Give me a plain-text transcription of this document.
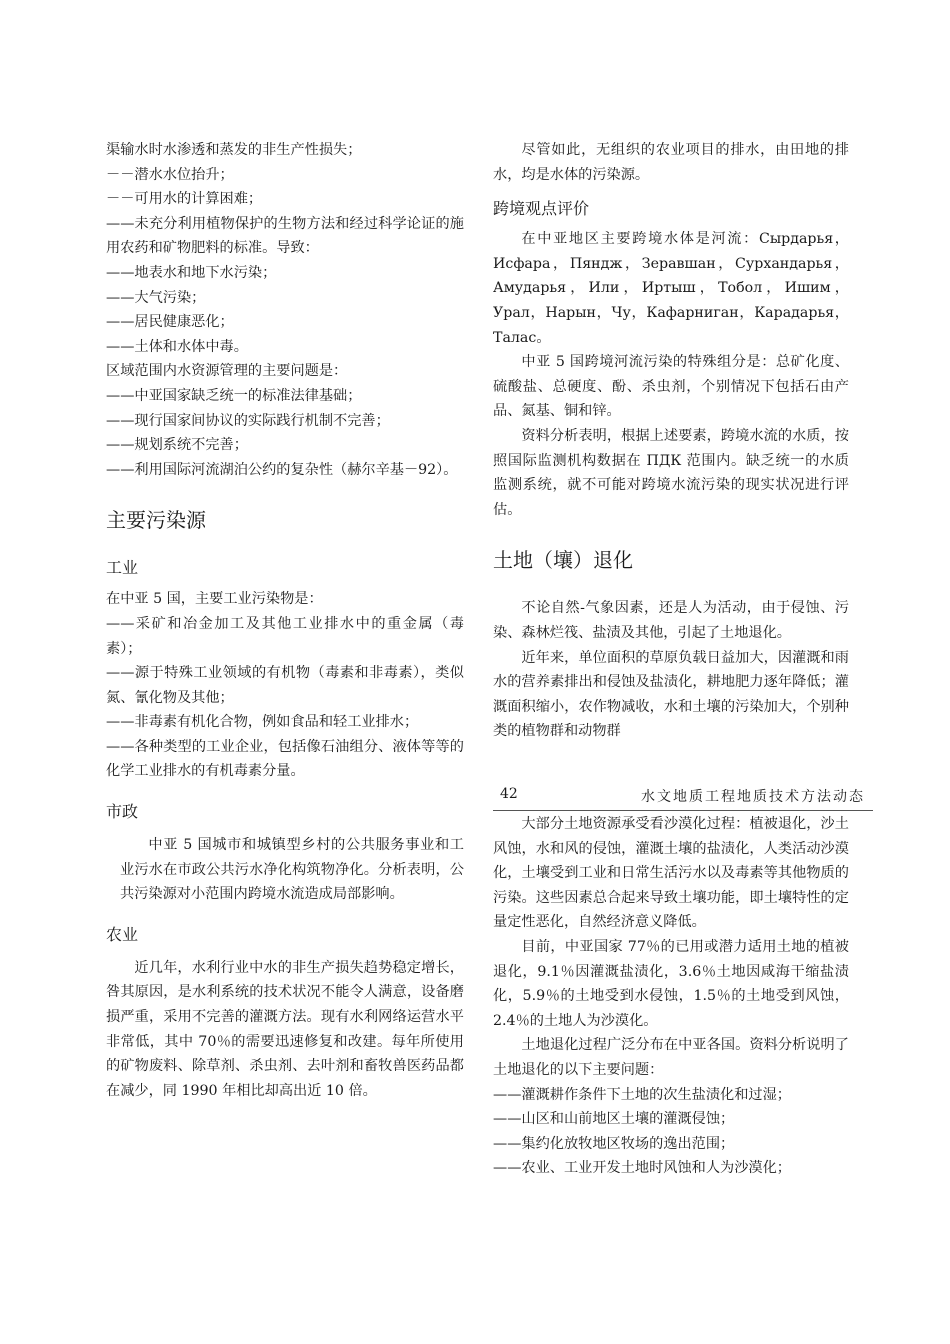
渠输水时水渗透和蒸发的非生产性损失；

－－潜水水位抬升；

－－可用水的计算困难；

——未充分利用植物保护的生物方法和经过科学论证的施用农药和矿物肥料的标准。导致：

——地表水和地下水污染；

——大气污染；

——居民健康恶化；

——土体和水体中毒。

区域范围内水资源管理的主要问题是：

——中亚国家缺乏统一的标准法律基础；

——现行国家间协议的实际践行机制不完善；

——规划系统不完善；

——利用国际河流湖泊公约的复杂性（赫尔辛基－92）。

主要污染源
工业

在中亚 5 国，主要工业污染物是：

——采矿和冶金加工及其他工业排水中的重金属（毒素）；

——源于特殊工业领域的有机物（毒素和非毒素），类似氮、氰化物及其他；

——非毒素有机化合物，例如食品和轻工业排水；

——各种类型的工业企业，包括像石油组分、液体等等的化学工业排水的有机毒素分量。

市政

中亚 5 国城市和城镇型乡村的公共服务事业和工业污水在市政公共污水净化构筑物净化。分析表明，公共污染源对小范围内跨境水流造成局部影响。

农业

近几年，水利行业中水的非生产损失趋势稳定增长，咎其原因，是水利系统的技术状况不能令人满意，设备磨损严重，采用不完善的灌溉方法。现有水利网络运营水平非常低，其中 70％的需要迅速修复和改建。每年所使用的矿物废料、除草剂、杀虫剂、去叶剂和畜牧兽医药品都在减少，同 1990 年相比却高出近 10 倍。

尽管如此，无组织的农业项目的排水，由田地的排水，均是水体的污染源。

跨境观点评价

在中亚地区主要跨境水体是河流：Сырдарья，Исфара，Пяндж，Зеравшан，Сурхандарья，Амударья，Или，Иртыш，Тобол，Ишим，Урал，Нарын，Чу，Кафарниган，Карадарья，Талас。

中亚 5 国跨境河流污染的特殊组分是：总矿化度、硫酸盐、总硬度、酚、杀虫剂，个别情况下包括石由产品、氮基、铜和锌。

资料分析表明，根据上述要素，跨境水流的水质，按照国际监测机构数据在 ПДК 范围内。缺乏统一的水质监测系统，就不可能对跨境水流污染的现实状况进行评估。

土地（壤）退化

不论自然-气象因素，还是人为活动，由于侵蚀、污染、森林烂筏、盐渍及其他，引起了土地退化。

近年来，单位面积的草原负载日益加大，因灌溉和雨水的营养素排出和侵蚀及盐渍化，耕地肥力逐年降低；灌溉面积缩小，农作物减收，水和土壤的污染加大，个别种类的植物群和动物群

42	水文地质工程地质技术方法动态

大部分土地资源承受看沙漠化过程：植被退化，沙土风蚀，水和风的侵蚀，灌溉土壤的盐渍化，人类活动沙漠化，土壤受到工业和日常生活污水以及毒素等其他物质的污染。这些因素总合起来导致土壤功能，即土壤特性的定量定性恶化，自然经济意义降低。

目前，中亚国家 77％的已用或潜力适用土地的植被退化，9.1％因灌溉盐渍化，3.6％土地因咸海干缩盐渍化，5.9％的土地受到水侵蚀，1.5％的土地受到风蚀，2.4％的土地人为沙漠化。

土地退化过程广泛分布在中亚各国。资料分析说明了土地退化的以下主要问题：

——灌溉耕作条件下土地的次生盐渍化和过湿；

——山区和山前地区土壤的灌溉侵蚀；

——集约化放牧地区牧场的逸出范围；

——农业、工业开发土地时风蚀和人为沙漠化；
